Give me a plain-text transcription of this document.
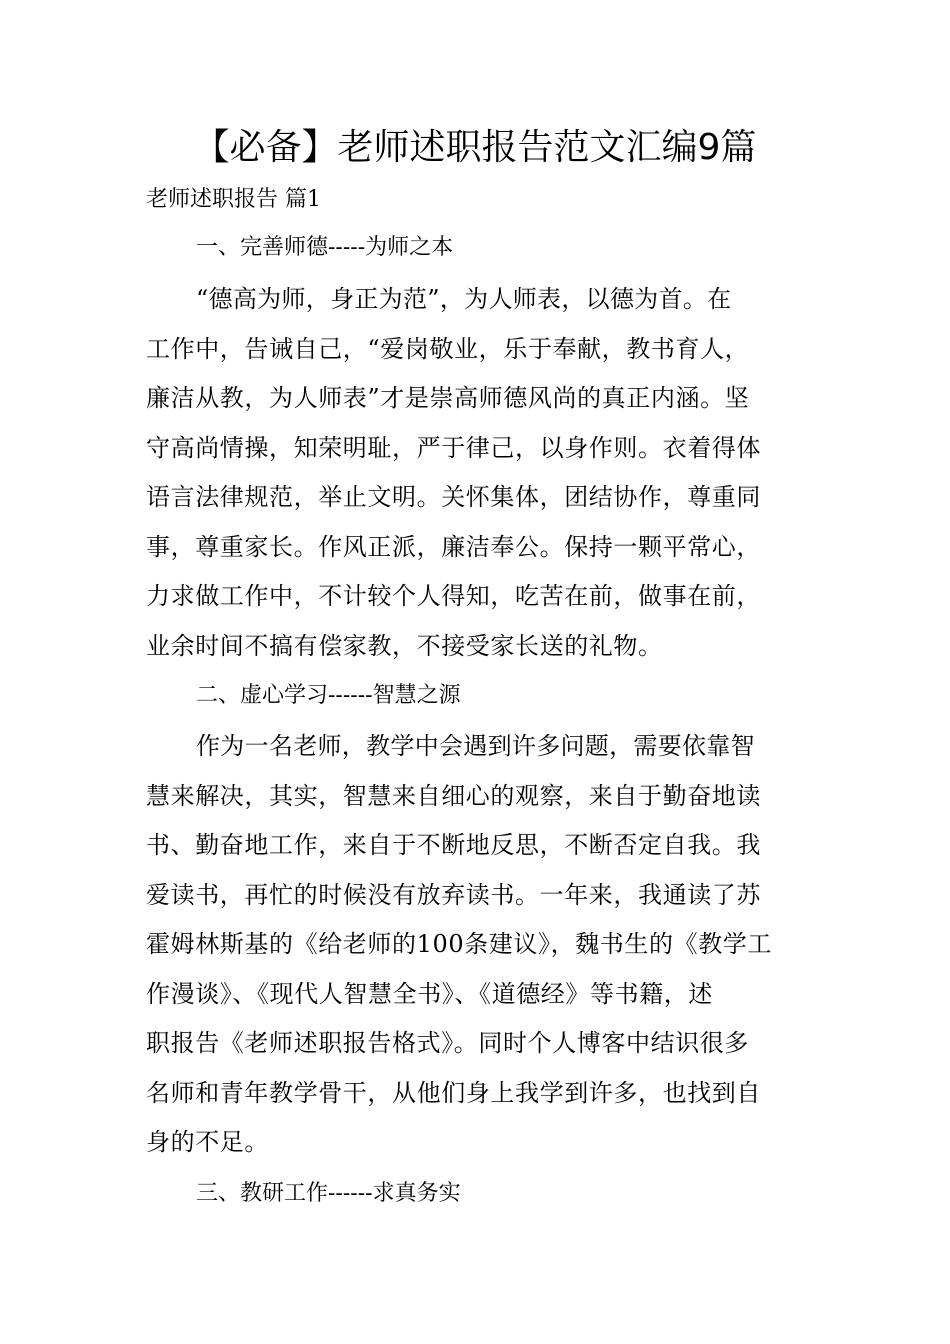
【必备】老师述职报告范文汇编9篇

老师述职报告 篇1

一、完善师德-----为师之本

“德高为师，身正为范”，为人师表，以德为首。在
工作中，告诫自己，“爱岗敬业，乐于奉献，教书育人，
廉洁从教，为人师表”才是崇高师德风尚的真正内涵。坚
守高尚情操，知荣明耻，严于律己，以身作则。衣着得体
语言法律规范，举止文明。关怀集体，团结协作，尊重同
事，尊重家长。作风正派，廉洁奉公。保持一颗平常心，
力求做工作中，不计较个人得知，吃苦在前，做事在前，
业余时间不搞有偿家教，不接受家长送的礼物。

二、虚心学习------智慧之源

作为一名老师，教学中会遇到许多问题，需要依靠智
慧来解决，其实，智慧来自细心的观察，来自于勤奋地读
书、勤奋地工作，来自于不断地反思，不断否定自我。我
爱读书，再忙的时候没有放弃读书。一年来，我通读了苏
霍姆林斯基的《给老师的100条建议》，魏书生的《教学工
作漫谈》、《现代人智慧全书》、《道德经》等书籍，述
职报告《老师述职报告格式》。同时个人博客中结识很多
名师和青年教学骨干，从他们身上我学到许多，也找到自
身的不足。

三、教研工作------求真务实
